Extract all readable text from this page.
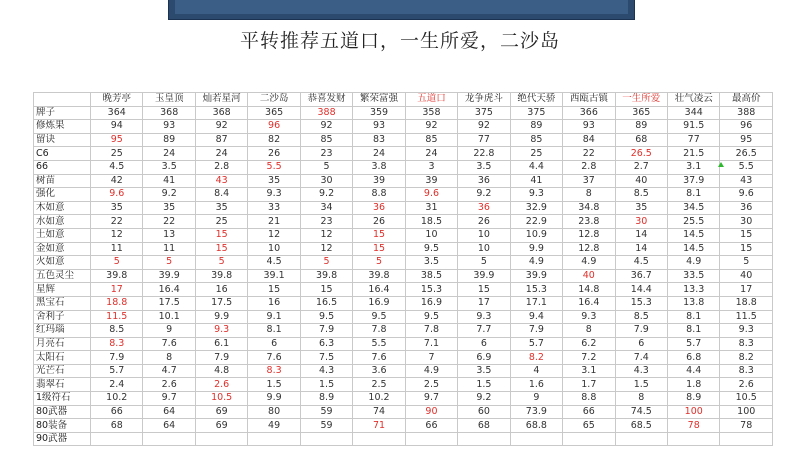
平转推荐五道口，一生所爱，二沙岛
	晚芳亭	玉皇顶	灿若星河	二沙岛	恭喜发财	繁荣富强	五道口	龙争虎斗	绝代天骄	西瓯古镇	一生所爱	壮气凌云	最高价
牌子	364	368	368	365	388	359	358	375	375	366	365	344	388
修炼果	94	93	92	96	92	93	92	92	89	93	89	91.5	96
留诀	95	89	87	82	85	83	85	77	85	84	68	77	95
C6	25	24	24	26	23	24	24	22.8	25	22	26.5	21.5	26.5
66	4.5	3.5	2.8	5.5	5	3.8	3	3.5	4.4	2.8	2.7	3.1	5.5
树苗	42	41	43	35	30	39	39	36	41	37	40	37.9	43
强化	9.6	9.2	8.4	9.3	9.2	8.8	9.6	9.2	9.3	8	8.5	8.1	9.6
木如意	35	35	35	33	34	36	31	36	32.9	34.8	35	34.5	36
水如意	22	22	25	21	23	26	18.5	26	22.9	23.8	30	25.5	30
土如意	12	13	15	12	12	15	10	10	10.9	12.8	14	14.5	15
金如意	11	11	15	10	12	15	9.5	10	9.9	12.8	14	14.5	15
火如意	5	5	5	4.5	5	5	3.5	5	4.9	4.9	4.5	4.9	5
五色灵尘	39.8	39.9	39.8	39.1	39.8	39.8	38.5	39.9	39.9	40	36.7	33.5	40
星辉	17	16.4	16	15	15	16.4	15.3	15	15.3	14.8	14.4	13.3	17
黑宝石	18.8	17.5	17.5	16	16.5	16.9	16.9	17	17.1	16.4	15.3	13.8	18.8
舍利子	11.5	10.1	9.9	9.1	9.5	9.5	9.5	9.3	9.4	9.3	8.5	8.1	11.5
红玛瑙	8.5	9	9.3	8.1	7.9	7.8	7.8	7.7	7.9	8	7.9	8.1	9.3
月亮石	8.3	7.6	6.1	6	6.3	5.5	7.1	6	5.7	6.2	6	5.7	8.3
太阳石	7.9	8	7.9	7.6	7.5	7.6	7	6.9	8.2	7.2	7.4	6.8	8.2
光芒石	5.7	4.7	4.8	8.3	4.3	3.6	4.9	3.5	4	3.1	4.3	4.4	8.3
翡翠石	2.4	2.6	2.6	1.5	1.5	2.5	2.5	1.5	1.6	1.7	1.5	1.8	2.6
1级符石	10.2	9.7	10.5	9.9	8.9	10.2	9.7	9.2	9	8.8	8	8.9	10.5
80武器	66	64	69	80	59	74	90	60	73.9	66	74.5	100	100
80装备	68	64	69	49	59	71	66	68	68.8	65	68.5	78	78
90武器													
